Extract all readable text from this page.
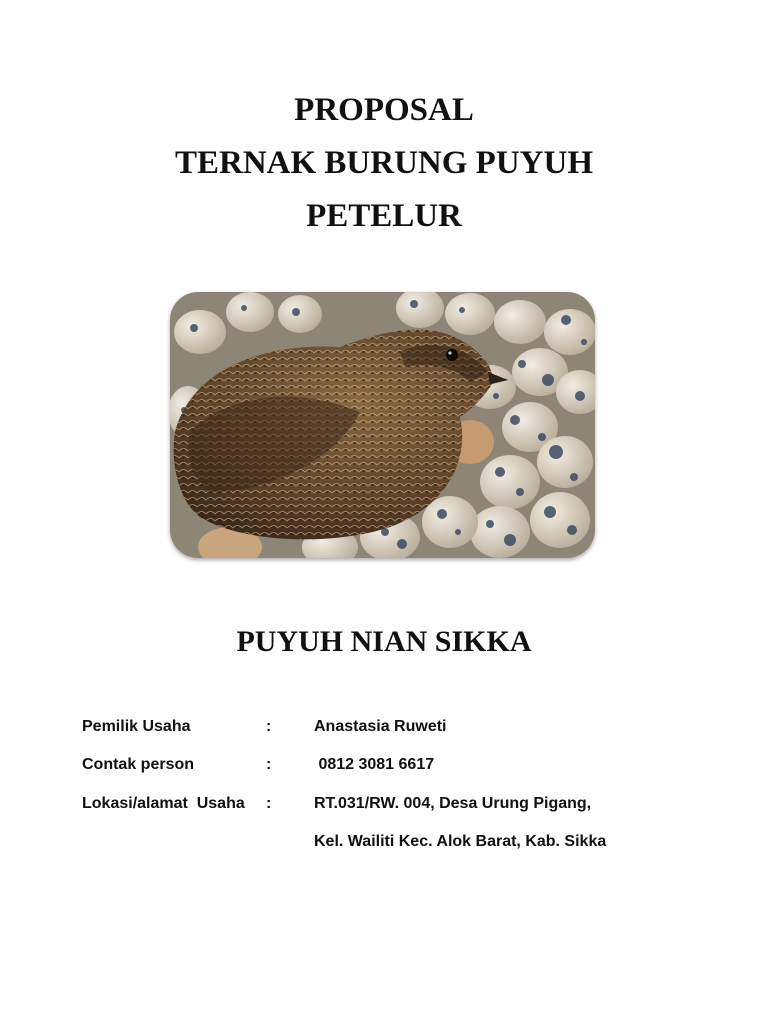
PROPOSAL
TERNAK BURUNG PUYUH
PETELUR
PUYUH NIAN SIKKA
Pemilik Usaha	:	Anastasia Ruweti
Contak person	:	0812 3081 6617
Lokasi/alamat  Usaha :	RT.031/RW. 004, Desa Urung Pigang,
Kel. Wailiti Kec. Alok Barat, Kab. Sikka
